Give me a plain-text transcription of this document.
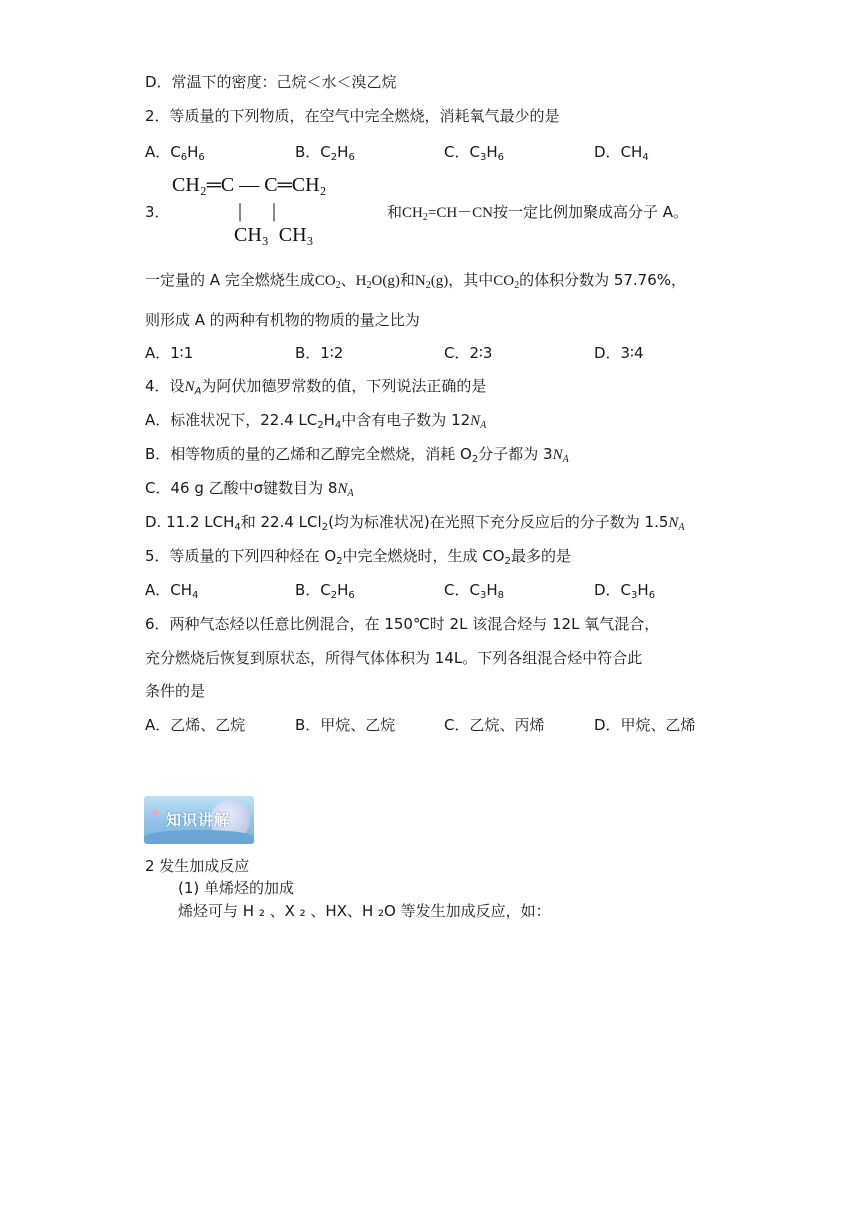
D．常温下的密度：己烷＜水＜溴乙烷
2．等质量的下列物质，在空气中完全燃烧，消耗氧气最少的是
A．$C_6H_6$	B．$C_2H_6$	C．$C_3H_6$	D．$CH_4$
3．
CH₂═C — C═CH₂
|      |
CH₃  CH₃
和$CH_2=CH-CN$按一定比例加聚成高分子 A。
一定量的 A 完全燃烧生成$CO_2$、$H_2O(g)$和$N_2(g)$，其中$CO_2$的体积分数为 57.76%，
则形成 A 的两种有机物的物质的量之比为
A．1∶1	B．1∶2	C．2∶3	D．3∶4
4．设$N_A$为阿伏加德罗常数的值，下列说法正确的是
A．标准状况下，22.4 $LC_2H_4$中含有电子数为 $12N_A$
B．相等物质的量的乙烯和乙醇完全燃烧，消耗 $O_2$分子都为 $3N_A$
C．46 g 乙酸中σ键数目为 $8N_A$
D. 11.2 $LCH_4$和 22.4 LCl$_2$(均为标准状况)在光照下充分反应后的分子数为 $1.5N_A$
5．等质量的下列四种烃在 $O_2$中完全燃烧时，生成 $CO_2$最多的是
A．$CH_4$	B．$C_2H_6$	C．$C_3H_8$	D．$C_3H_6$
6．两种气态烃以任意比例混合，在 150℃时 2L 该混合烃与 12L 氧气混合，
充分燃烧后恢复到原状态，所得气体体积为 14L。下列各组混合烃中符合此
条件的是
A．乙烯、乙烷	B．甲烷、乙烷	C．乙烷、丙烯	D．甲烷、乙烯
知识讲解
2 发生加成反应
(1) 单烯烃的加成
烯烃可与 H ₂ 、X ₂ 、HX、H ₂O 等发生加成反应，如：
